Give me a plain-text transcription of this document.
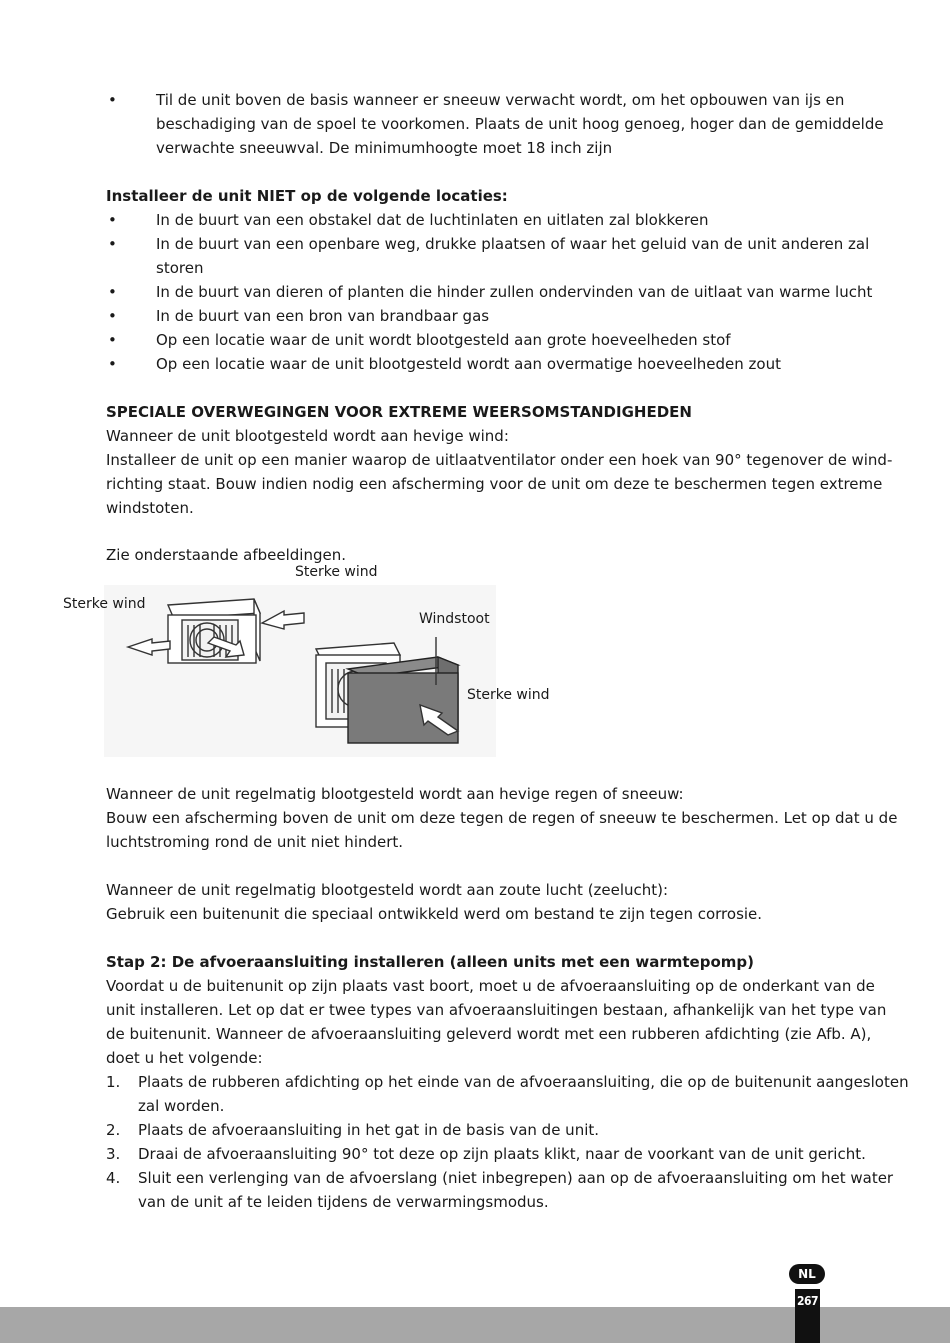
•	Til de unit boven de basis wanneer er sneeuw verwacht wordt, om het opbouwen van ijs en
beschadiging van de spoel te voorkomen. Plaats de unit hoog genoeg, hoger dan de gemiddelde
verwachte sneeuwval. De minimumhoogte moet 18 inch zijn
Installeer de unit NIET op de volgende locaties:
•	In de buurt van een obstakel dat de luchtinlaten en uitlaten zal blokkeren
•	In de buurt van een openbare weg, drukke plaatsen of waar het geluid van de unit anderen zal
storen
•	In de buurt van dieren of planten die hinder zullen ondervinden van de uitlaat van warme lucht
•	In de buurt van een bron van brandbaar gas
•	Op een locatie waar de unit wordt blootgesteld aan grote hoeveelheden stof
•	Op een locatie waar de unit blootgesteld wordt aan overmatige hoeveelheden zout
SPECIALE OVERWEGINGEN VOOR EXTREME WEERSOMSTANDIGHEDEN
Wanneer de unit blootgesteld wordt aan hevige wind:
Installeer de unit op een manier waarop de uitlaatventilator onder een hoek van 90° tegenover de wind-
richting staat. Bouw indien nodig een afscherming voor de unit om deze te beschermen tegen extreme
windstoten.
Zie onderstaande afbeeldingen.
Sterke wind
Sterke wind
Windstoot
Sterke wind
Wanneer de unit regelmatig blootgesteld wordt aan hevige regen of sneeuw:
Bouw een afscherming boven de unit om deze tegen de regen of sneeuw te beschermen. Let op dat u de
luchtstroming rond de unit niet hindert.
Wanneer de unit regelmatig blootgesteld wordt aan zoute lucht (zeelucht):
Gebruik een buitenunit die speciaal ontwikkeld werd om bestand te zijn tegen corrosie.
Stap 2: De afvoeraansluiting installeren (alleen units met een warmtepomp)
Voordat u de buitenunit op zijn plaats vast boort, moet u de afvoeraansluiting op de onderkant van de
unit installeren. Let op dat er twee types van afvoeraansluitingen bestaan, afhankelijk van het type van
de buitenunit. Wanneer de afvoeraansluiting geleverd wordt met een rubberen afdichting (zie Afb. A),
doet u het volgende:
1. Plaats de rubberen afdichting op het einde van de afvoeraansluiting, die op de buitenunit aangesloten
zal worden.
2. Plaats de afvoeraansluiting in het gat in de basis van de unit.
3. Draai de afvoeraansluiting 90° tot deze op zijn plaats klikt, naar de voorkant van de unit gericht.
4. Sluit een verlenging van de afvoerslang (niet inbegrepen) aan op de afvoeraansluiting om het water
van de unit af te leiden tijdens de verwarmingsmodus.
267
NL
